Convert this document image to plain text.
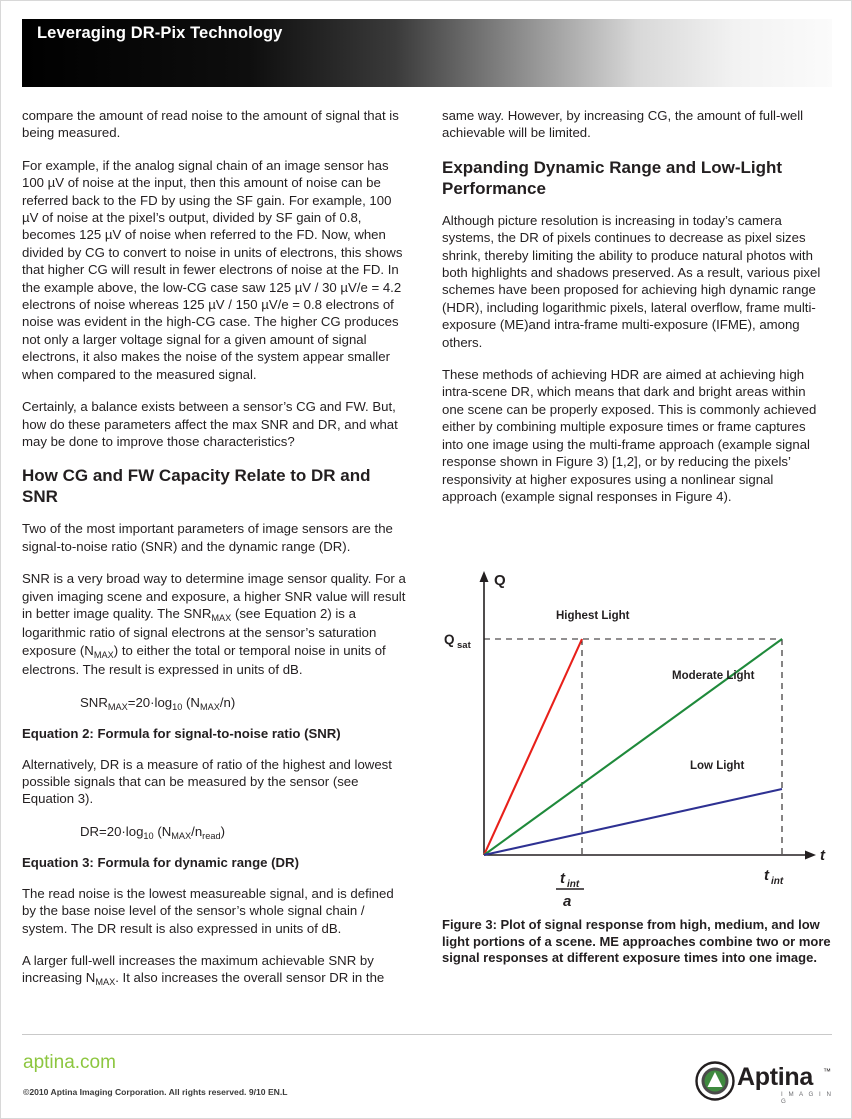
Leveraging DR-Pix Technology

compare the amount of read noise to the amount of signal that is being measured.

For example, if the analog signal chain of an image sensor has 100 µV of noise at the input, then this amount of noise can be referred back to the FD by using the SF gain. For example, 100 µV of noise at the pixel’s output, divided by SF gain of 0.8, becomes 125 µV of noise when referred to the FD. Now, when divided by CG to convert to noise in units of electrons, this shows that higher CG will result in fewer electrons of noise at the FD. In the example above, the low-CG case saw 125 µV / 30 µV/e = 4.2 electrons of noise whereas 125 µV / 150 µV/e = 0.8 electrons of noise was evident in the high-CG case. The higher CG produces not only a larger voltage signal for a given amount of signal electrons, it also makes the noise of the system appear smaller when compared to the measured signal.

Certainly, a balance exists between a sensor’s CG and FW. But, how do these parameters affect the max SNR and DR, and what may be done to improve those characteristics?

How CG and FW Capacity Relate to DR and SNR

Two of the most important parameters of image sensors are the signal-to-noise ratio (SNR) and the dynamic range (DR).

SNR is a very broad way to determine image sensor quality. For a given imaging scene and exposure, a higher SNR value will result in better image quality. The $SNR_{MAX}$ (see Equation 2) is a logarithmic ratio of signal electrons at the sensor’s saturation exposure $(N_{MAX})$ to either the total or temporal noise in units of electrons. The result is expressed in units of dB.

$SNR_{MAX}=20\cdot\log_{10}$ $(N_{MAX}/n)$
Equation 2: Formula for signal-to-noise ratio (SNR)

Alternatively, DR is a measure of ratio of the highest and lowest possible signals that can be measured by the sensor (see Equation 3).

$DR=20\cdot\log_{10}$ $(N_{MAX}/n_{read})$
Equation 3: Formula for dynamic range (DR)

The read noise is the lowest measureable signal, and is defined by the base noise level of the sensor’s whole signal chain / system. The DR result is also expressed in units of dB.

A larger full-well increases the maximum achievable SNR by increasing $N_{MAX}$. It also increases the overall sensor DR in the

same way. However, by increasing CG, the amount of full-well achievable will be limited.

Expanding Dynamic Range and Low-Light Performance

Although picture resolution is increasing in today’s camera systems, the DR of pixels continues to decrease as pixel sizes shrink, thereby limiting the ability to produce natural photos with both highlights and shadows preserved. As a result, various pixel schemes have been proposed for achieving high dynamic range (HDR), including logarithmic pixels, lateral overflow, frame multi-exposure (ME)and intra-frame multi-exposure (IFME), among others.

These methods of achieving HDR are aimed at achieving high intra-scene DR, which means that dark and bright areas within one scene can be properly exposed. This is commonly achieved either by combining multiple exposure times or frame captures into one image using the multi-frame approach (example signal response shown in Figure 3) [1,2], or by reducing the pixels’ responsivity at higher exposures using a nonlinear signal approach (example signal responses in Figure 4).

Q
Q sat
t
Highest Light
Moderate Light
Low Light
t int
a
t int
Figure 3: Plot of signal response from high, medium, and low light portions of a scene. ME approaches combine two or more signal responses at different exposure times into one image.
aptina.com
©2010 Aptina Imaging Corporation. All rights reserved. 9/10 EN.L
Aptina ™
I M A G I N G
